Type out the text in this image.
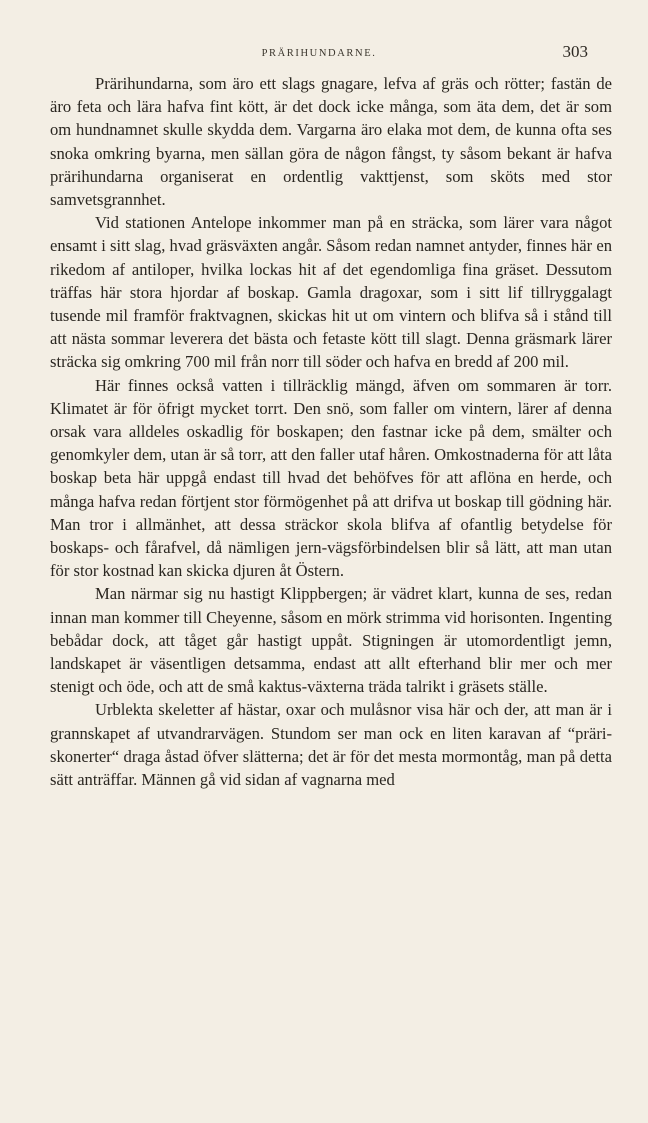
PRÄRIHUNDARNE.	303

Prärihundarna, som äro ett slags gnagare, lefva af gräs och rötter; fastän de äro feta och lära hafva fint kött, är det dock icke många, som äta dem, det är som om hundnamnet skulle skydda dem. Vargarna äro elaka mot dem, de kunna ofta ses snoka omkring byarna, men sällan göra de någon fångst, ty såsom bekant är hafva prärihundarna organiserat en ordentlig vakttjenst, som sköts med stor samvetsgrannhet.

Vid stationen Antelope inkommer man på en sträcka, som lärer vara något ensamt i sitt slag, hvad gräsväxten angår. Såsom redan namnet antyder, finnes här en rikedom af antiloper, hvilka lockas hit af det egendomliga fina gräset. Dessutom träffas här stora hjordar af boskap. Gamla dragoxar, som i sitt lif tillryggalagt tusende mil framför fraktvagnen, skickas hit ut om vintern och blifva så i stånd till att nästa sommar leverera det bästa och fetaste kött till slagt. Denna gräsmark lärer sträcka sig omkring 700 mil från norr till söder och hafva en bredd af 200 mil.

Här finnes också vatten i tillräcklig mängd, äfven om sommaren är torr. Klimatet är för öfrigt mycket torrt. Den snö, som faller om vintern, lärer af denna orsak vara alldeles oskadlig för boskapen; den fastnar icke på dem, smälter och genomkyler dem, utan är så torr, att den faller utaf håren. Omkostnaderna för att låta boskap beta här uppgå endast till hvad det behöfves för att aflöna en herde, och många hafva redan förtjent stor förmögenhet på att drifva ut boskap till gödning här. Man tror i allmänhet, att dessa sträckor skola blifva af ofantlig betydelse för boskaps- och fårafvel, då nämligen jern-vägsförbindelsen blir så lätt, att man utan för stor kostnad kan skicka djuren åt Östern.

Man närmar sig nu hastigt Klippbergen; är vädret klart, kunna de ses, redan innan man kommer till Cheyenne, såsom en mörk strimma vid horisonten. Ingenting bebådar dock, att tåget går hastigt uppåt. Stigningen är utomordentligt jemn, landskapet är väsentligen detsamma, endast att allt efterhand blir mer och mer stenigt och öde, och att de små kaktus-växterna träda talrikt i gräsets ställe.

Urblekta skeletter af hästar, oxar och mulåsnor visa här och der, att man är i grannskapet af utvandrarvägen. Stundom ser man ock en liten karavan af “präri-skonerter“ draga åstad öfver slätterna; det är för det mesta mormontåg, man på detta sätt anträffar. Männen gå vid sidan af vagnarna med
